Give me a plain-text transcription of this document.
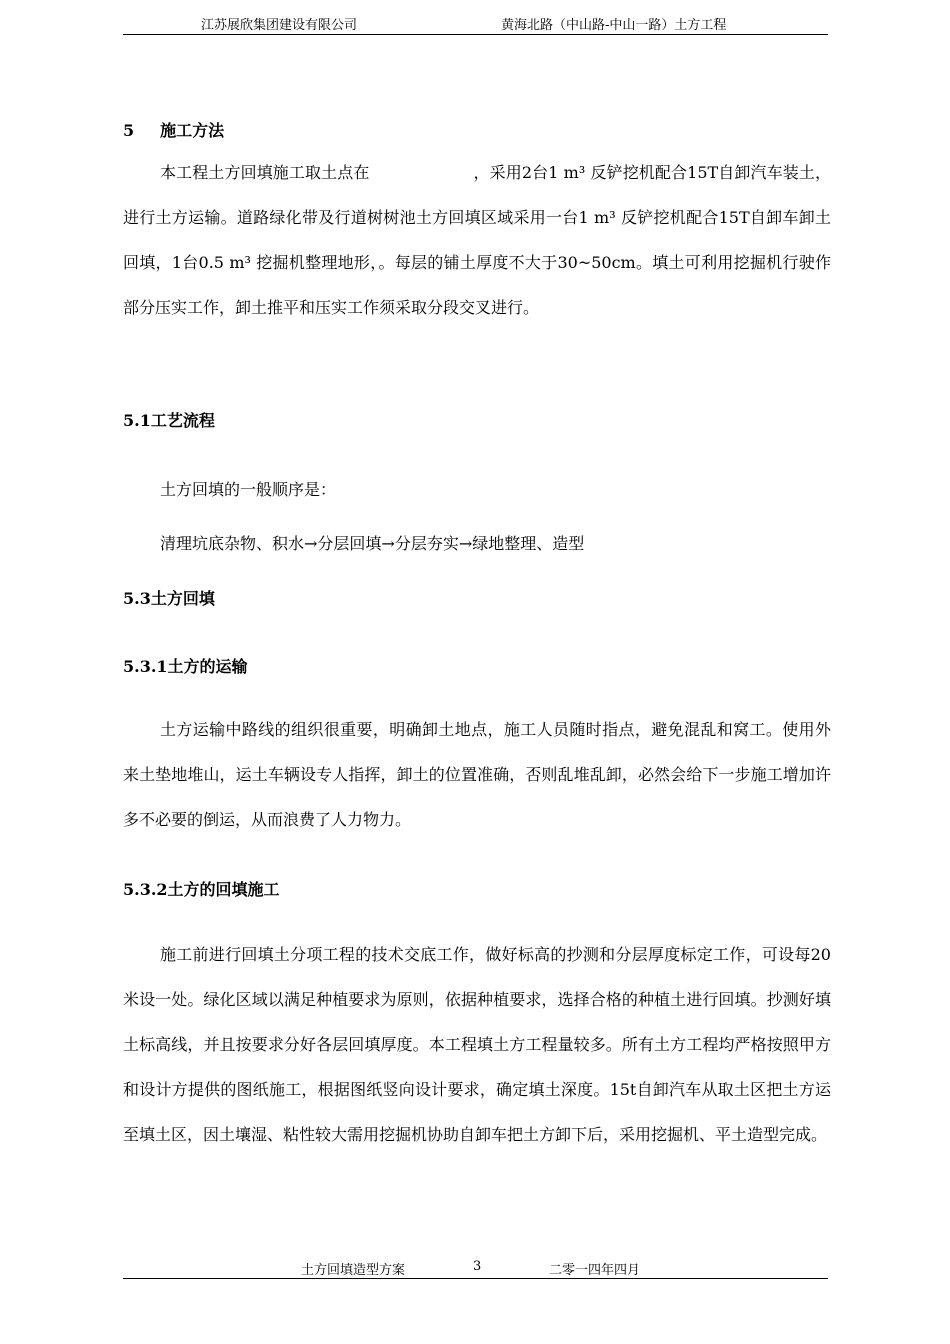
江苏展欣集团建设有限公司	黄海北路（中山路-中山一路）土方工程
5 施工方法
本工程土方回填施工取土点在                    ，采用2台1 m³ 反铲挖机配合15T自卸汽车装土，进行土方运输。道路绿化带及行道树树池土方回填区域采用一台1 m³ 反铲挖机配合15T自卸车卸土回填，1台0.5 m³ 挖掘机整理地形，。每层的铺土厚度不大于30~50cm。填土可利用挖掘机行驶作部分压实工作，卸土推平和压实工作须采取分段交叉进行。
5.1工艺流程
土方回填的一般顺序是：
清理坑底杂物、积水→分层回填→分层夯实→绿地整理、造型
5.3土方回填
5.3.1土方的运输
土方运输中路线的组织很重要，明确卸土地点，施工人员随时指点，避免混乱和窝工。使用外来土垫地堆山，运土车辆设专人指挥，卸土的位置准确，否则乱堆乱卸，必然会给下一步施工增加许多不必要的倒运，从而浪费了人力物力。
5.3.2土方的回填施工
施工前进行回填土分项工程的技术交底工作，做好标高的抄测和分层厚度标定工作，可设每20米设一处。绿化区域以满足种植要求为原则，依据种植要求，选择合格的种植土进行回填。抄测好填土标高线，并且按要求分好各层回填厚度。本工程填土方工程量较多。所有土方工程均严格按照甲方和设计方提供的图纸施工，根据图纸竖向设计要求，确定填土深度。15t自卸汽车从取土区把土方运至填土区，因土壤湿、粘性较大需用挖掘机协助自卸车把土方卸下后，采用挖掘机、平土造型完成。
土方回填造型方案	3	二零一四年四月
